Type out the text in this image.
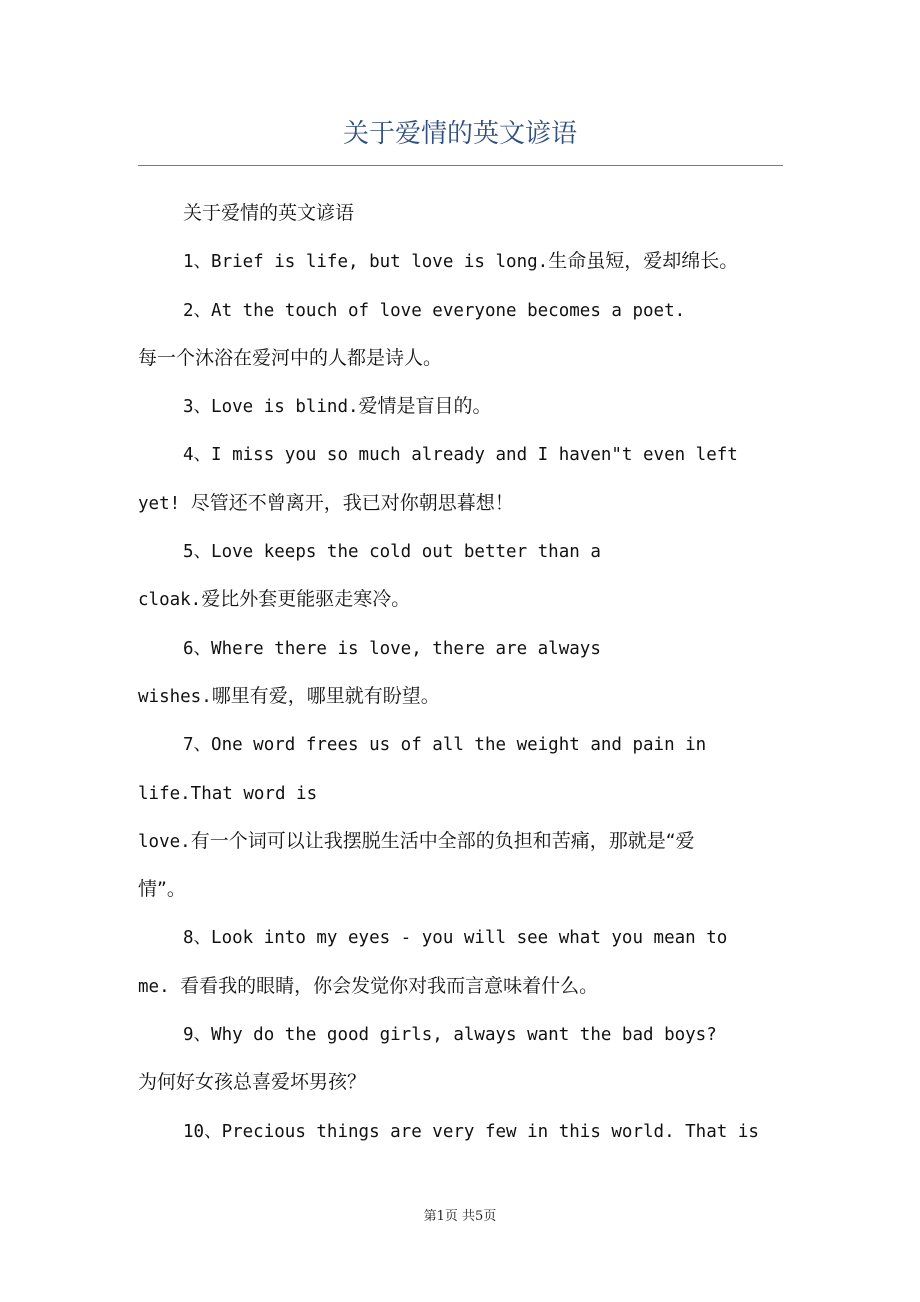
关于爱情的英文谚语
关于爱情的英文谚语
1、Brief is life, but love is long.生命虽短，爱却绵长。
2、At the touch of love everyone becomes a poet.
每一个沐浴在爱河中的人都是诗人。
3、Love is blind.爱情是盲目的。
4、I miss you so much already and I haven"t even left
yet! 尽管还不曾离开，我已对你朝思暮想！
5、Love keeps the cold out better than a
cloak.爱比外套更能驱走寒冷。
6、Where there is love, there are always
wishes.哪里有爱，哪里就有盼望。
7、One word frees us of all the weight and pain in
life.That word is
love.有一个词可以让我摆脱生活中全部的负担和苦痛，那就是“爱
情”。
8、Look into my eyes - you will see what you mean to
me. 看看我的眼睛，你会发觉你对我而言意味着什么。
9、Why do the good girls, always want the bad boys?
为何好女孩总喜爱坏男孩？
10、Precious things are very few in this world. That is
第1页 共5页
